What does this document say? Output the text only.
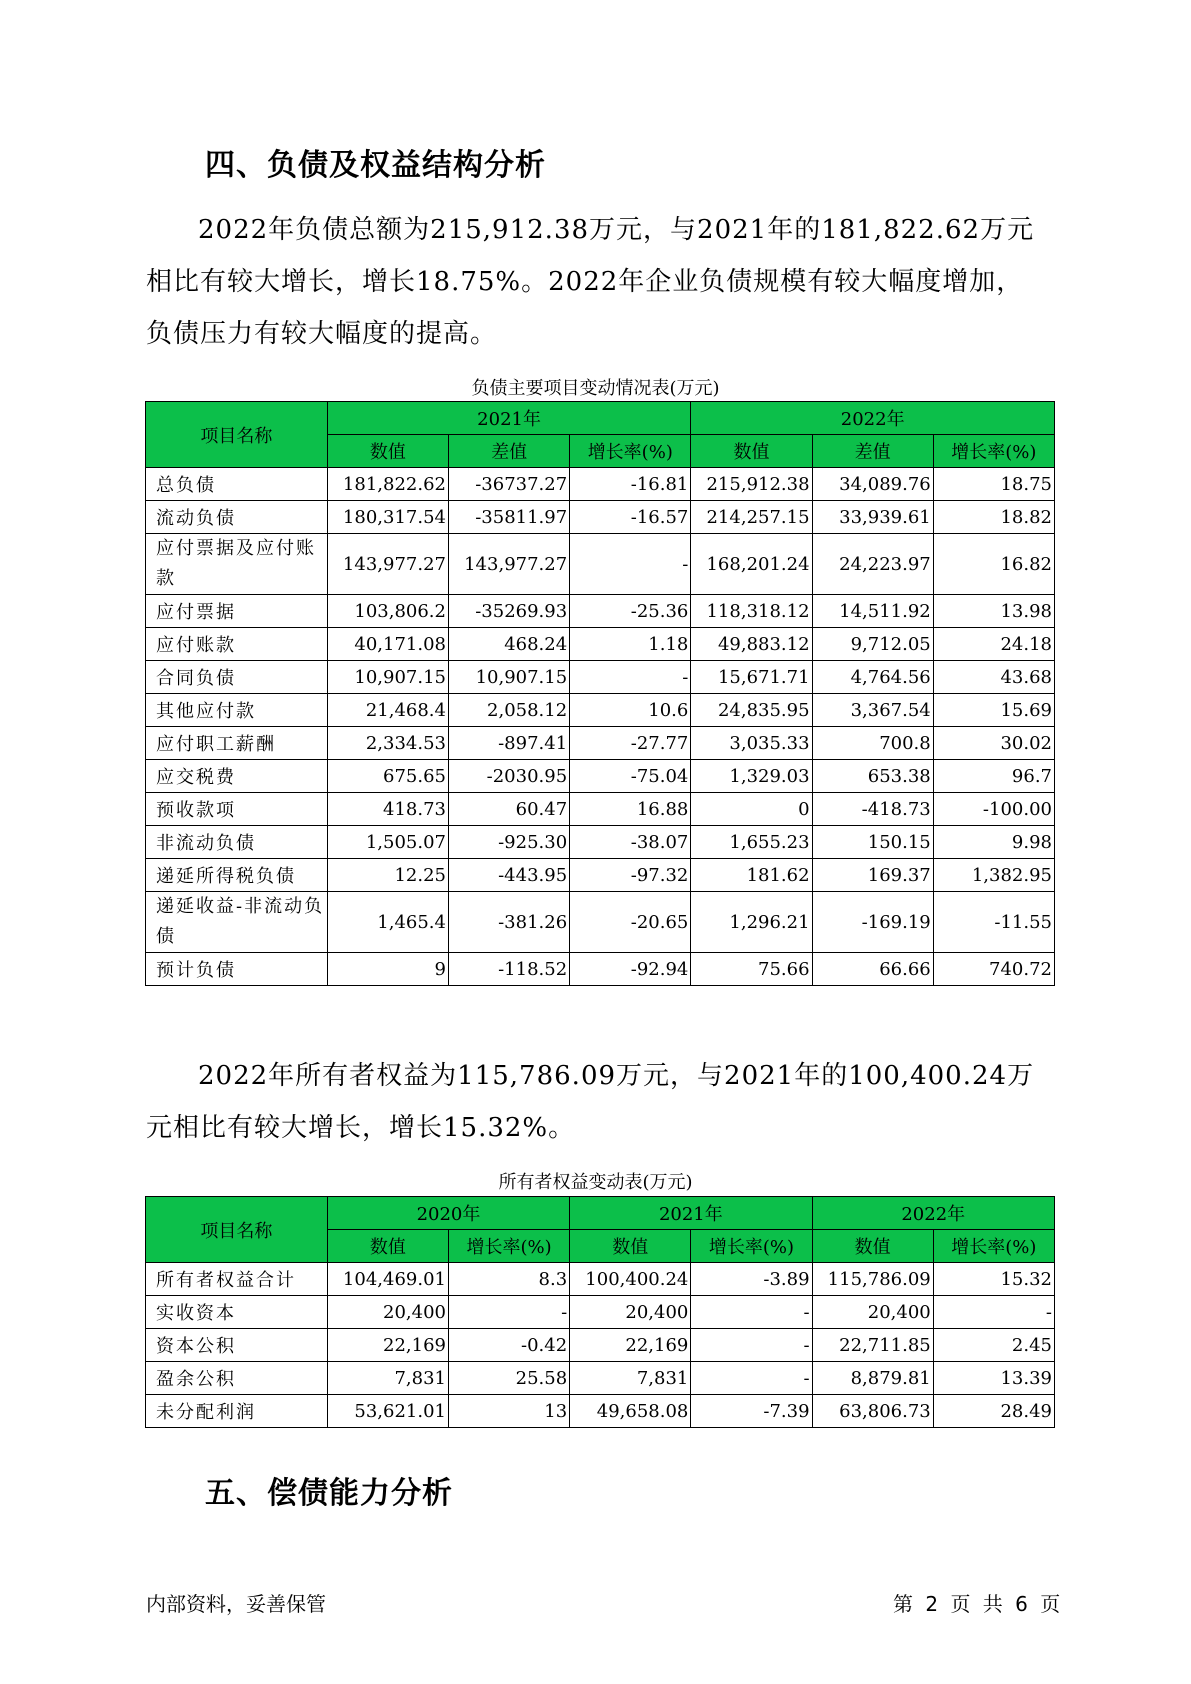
四、负债及权益结构分析

2022年负债总额为215,912.38万元，与2021年的181,822.62万元相比有较大增长，增长18.75%。2022年企业负债规模有较大幅度增加，负债压力有较大幅度的提高。

负债主要项目变动情况表(万元)

项目名称	2021年			2022年		
	数值	差值	增长率(%)	数值	差值	增长率(%)
总负债	181,822.62	-36737.27	-16.81	215,912.38	34,089.76	18.75
流动负债	180,317.54	-35811.97	-16.57	214,257.15	33,939.61	18.82
应付票据及应付账款	143,977.27	143,977.27	-	168,201.24	24,223.97	16.82
应付票据	103,806.2	-35269.93	-25.36	118,318.12	14,511.92	13.98
应付账款	40,171.08	468.24	1.18	49,883.12	9,712.05	24.18
合同负债	10,907.15	10,907.15	-	15,671.71	4,764.56	43.68
其他应付款	21,468.4	2,058.12	10.6	24,835.95	3,367.54	15.69
应付职工薪酬	2,334.53	-897.41	-27.77	3,035.33	700.8	30.02
应交税费	675.65	-2030.95	-75.04	1,329.03	653.38	96.7
预收款项	418.73	60.47	16.88	0	-418.73	-100.00
非流动负债	1,505.07	-925.30	-38.07	1,655.23	150.15	9.98
递延所得税负债	12.25	-443.95	-97.32	181.62	169.37	1,382.95
递延收益-非流动负债	1,465.4	-381.26	-20.65	1,296.21	-169.19	-11.55
预计负债	9	-118.52	-92.94	75.66	66.66	740.72

2022年所有者权益为115,786.09万元，与2021年的100,400.24万元相比有较大增长，增长15.32%。

所有者权益变动表(万元)

项目名称	2020年		2021年		2022年	
	数值	增长率(%)	数值	增长率(%)	数值	增长率(%)
所有者权益合计	104,469.01	8.3	100,400.24	-3.89	115,786.09	15.32
实收资本	20,400	-	20,400	-	20,400	-
资本公积	22,169	-0.42	22,169	-	22,711.85	2.45
盈余公积	7,831	25.58	7,831	-	8,879.81	13.39
未分配利润	53,621.01	13	49,658.08	-7.39	63,806.73	28.49
五、偿债能力分析

内部资料，妥善保管	第 2 页 共 6 页
